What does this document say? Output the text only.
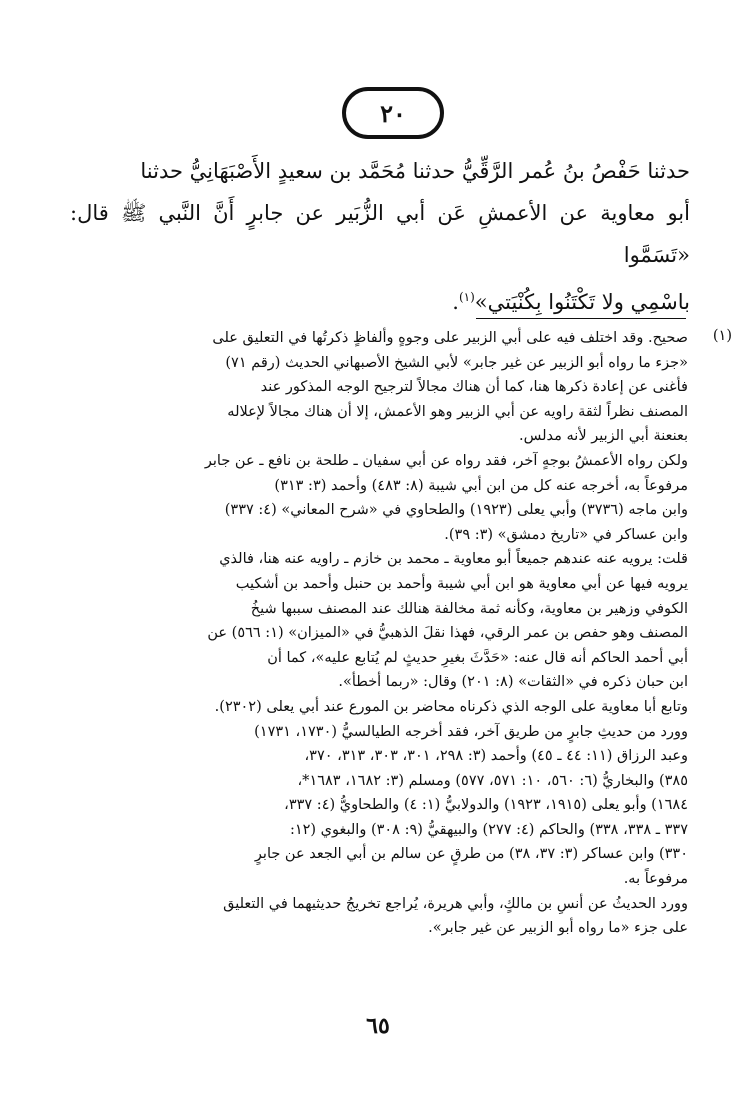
٢٠

حدثنا حَفْصُ بنُ عُمر الرَّقِّيُّ حدثنا مُحَمَّد بن سعيدٍ الأَصْبَهَانِيُّ حدثنا

أبو معاوية عن الأعمشِ عَن أبي الزُّبَير عن جابرٍ أَنَّ النَّبي ﷺ قال: «تَسَمَّوا

باسْمِي ولا تَكْتَنُوا بِكُنْيَتي»$^{(١)}$.

(١)

صحيح. وقد اختلف فيه على أبي الزبير على وجوهٍ وألفاظٍ ذكرتُها في التعليق على

«جزء ما رواه أبو الزبير عن غير جابر» لأبي الشيخ الأصبهاني الحديث (رقم ٧١)

فأغنى عن إعادة ذكرها هنا، كما أن هناك مجالاً لترجيح الوجه المذكور عند

المصنف نظراً لثقة راويه عن أبي الزبير وهو الأعمش، إلا أن هناك مجالاً لإعلاله

بعنعنة أبي الزبير لأنه مدلس.

ولكن رواه الأعمشُ بوجهٍ آخر، فقد رواه عن أبي سفيان ـ طلحة بن نافع ـ عن جابر

مرفوعاً به، أخرجه عنه كل من ابن أبي شيبة (٨: ٤٨٣) وأحمد (٣: ٣١٣)

وابن ماجه (٣٧٣٦) وأبي يعلى (١٩٢٣) والطحاوي في «شرح المعاني» (٤: ٣٣٧)

وابن عساكر في «تاريخ دمشق» (٣: ٣٩).

قلت: يرويه عنه عندهم جميعاً أبو معاوية ـ محمد بن خازم ـ راويه عنه هنا، فالذي

يرويه فيها عن أبي معاوية هو ابن أبي شيبة وأحمد بن حنبل وأحمد بن أشكيب

الكوفي وزهير بن معاوية، وكأنه ثمة مخالفة هنالك عند المصنف سببها شيخُ

المصنف وهو حفص بن عمر الرقي، فهذا نقلَ الذهبيُّ في «الميزان» (١: ٥٦٦) عن

أبي أحمد الحاكم أنه قال عنه: «حَدَّثَ بغيرِ حديثٍ لم يُتابع عليه»، كما أن

ابن حبان ذكره في «الثقات» (٨: ٢٠١) وقال: «ربما أخطأ».

وتابع أبا معاوية على الوجه الذي ذكرناه محاضر بن المورع عند أبي يعلى (٢٣٠٢).

وورد من حديثِ جابرٍ من طريق آخر، فقد أخرجه الطيالسيُّ (١٧٣٠، ١٧٣١)

وعبد الرزاق (١١: ٤٤ ـ ٤٥) وأحمد (٣: ٢٩٨، ٣٠١، ٣٠٣، ٣١٣، ٣٧٠،

٣٨٥) والبخاريُّ (٦: ٥٦٠، ١٠: ٥٧١، ٥٧٧) ومسلم (٣: ١٦٨٢، ١٦٨٣*،

١٦٨٤) وأبو يعلى (١٩١٥، ١٩٢٣) والدولابيُّ (١: ٤) والطحاويُّ (٤: ٣٣٧،

٣٣٧ ـ ٣٣٨، ٣٣٨) والحاكم (٤: ٢٧٧) والبيهقيُّ (٩: ٣٠٨) والبغوي (١٢:

٣٣٠) وابن عساكر (٣: ٣٧، ٣٨) من طرقٍ عن سالم بن أبي الجعد عن جابرٍ

مرفوعاً به.

وورد الحديثُ عن أنسِ بن مالكٍ، وأبي هريرة، يُراجع تخريجُ حديثيهما في التعليق

على جزء «ما رواه أبو الزبير عن غير جابر».

٦٥
